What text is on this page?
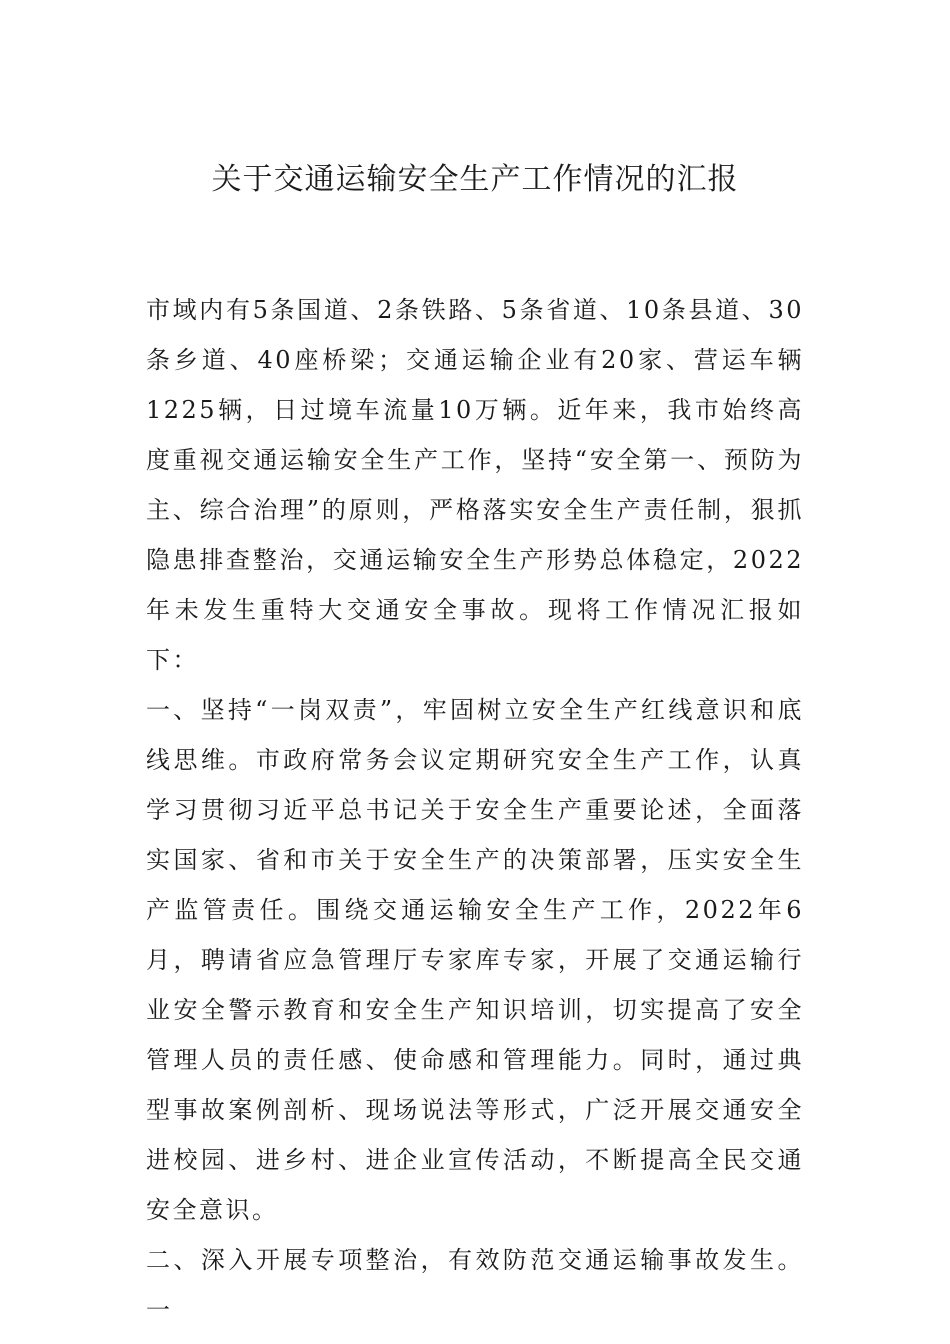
关于交通运输安全生产工作情况的汇报

市域内有5条国道、2条铁路、5条省道、10条县道、30条乡道、40座桥梁；交通运输企业有20家、营运车辆1225辆，日过境车流量10万辆。近年来，我市始终高度重视交通运输安全生产工作，坚持“安全第一、预防为主、综合治理”的原则，严格落实安全生产责任制，狠抓隐患排查整治，交通运输安全生产形势总体稳定，2022年未发生重特大交通安全事故。现将工作情况汇报如下：

一、坚持“一岗双责”，牢固树立安全生产红线意识和底线思维。市政府常务会议定期研究安全生产工作，认真学习贯彻习近平总书记关于安全生产重要论述，全面落实国家、省和市关于安全生产的决策部署，压实安全生产监管责任。围绕交通运输安全生产工作，2022年6月，聘请省应急管理厅专家库专家，开展了交通运输行业安全警示教育和安全生产知识培训，切实提高了安全管理人员的责任感、使命感和管理能力。同时，通过典型事故案例剖析、现场说法等形式，广泛开展交通安全进校园、进乡村、进企业宣传活动，不断提高全民交通安全意识。

二、深入开展专项整治，有效防范交通运输事故发生。一
